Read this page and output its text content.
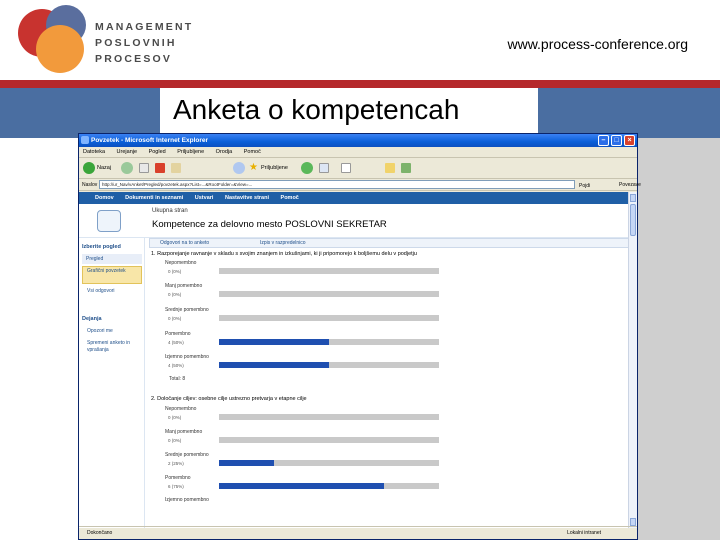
MANAGEMENT
POSLOVNIH
PROCESOV
www.process-conference.org
Anketa o kompetencah
Povzetek - Microsoft Internet Explorer	–	□	×
Datoteka Urejanje Pogled Priljubljene Orodja Pomoč
Nazaj	★ Priljubljene
Naslov	http://ur_Nav/vAnket/Pregled/povzetek.aspx?List=...&RootFolder=&View=...	Pojdi	Povezave
Domov Dokumenti in seznami Ustvari Nastavitve strani Pomoč
Ukupna stran
Kompetence za delovno mesto POSLOVNI SEKRETAR
Izberite pogled
Pregled
Grafični povzetek
Vsi odgovori
Dejanja
Opozori me
Spremeni anketo in vprašanja
Odgovori na to anketo	Izpis v razpredelnico
1. Razporejanje ravnanje v skladu s svojim znanjem in izkušnjami, ki ji pripomorejo k boljšemu delu v podjetju
Nepomembno
0 (0%)
Manj pomembno
0 (0%)
Srednje pomembno
0 (0%)
Pomembno
4 (50%)
Izjemno pomembno
4 (50%)
Total: 8
2. Določanje ciljev: osebne cilje ustrezno pretvarja v etapne cilje
Nepomembno
0 (0%)
Manj pomembno
0 (0%)
Srednje pomembno
2 (25%)
Pomembno
6 (75%)
Izjemno pomembno
Dokončano	Lokalni intranet
